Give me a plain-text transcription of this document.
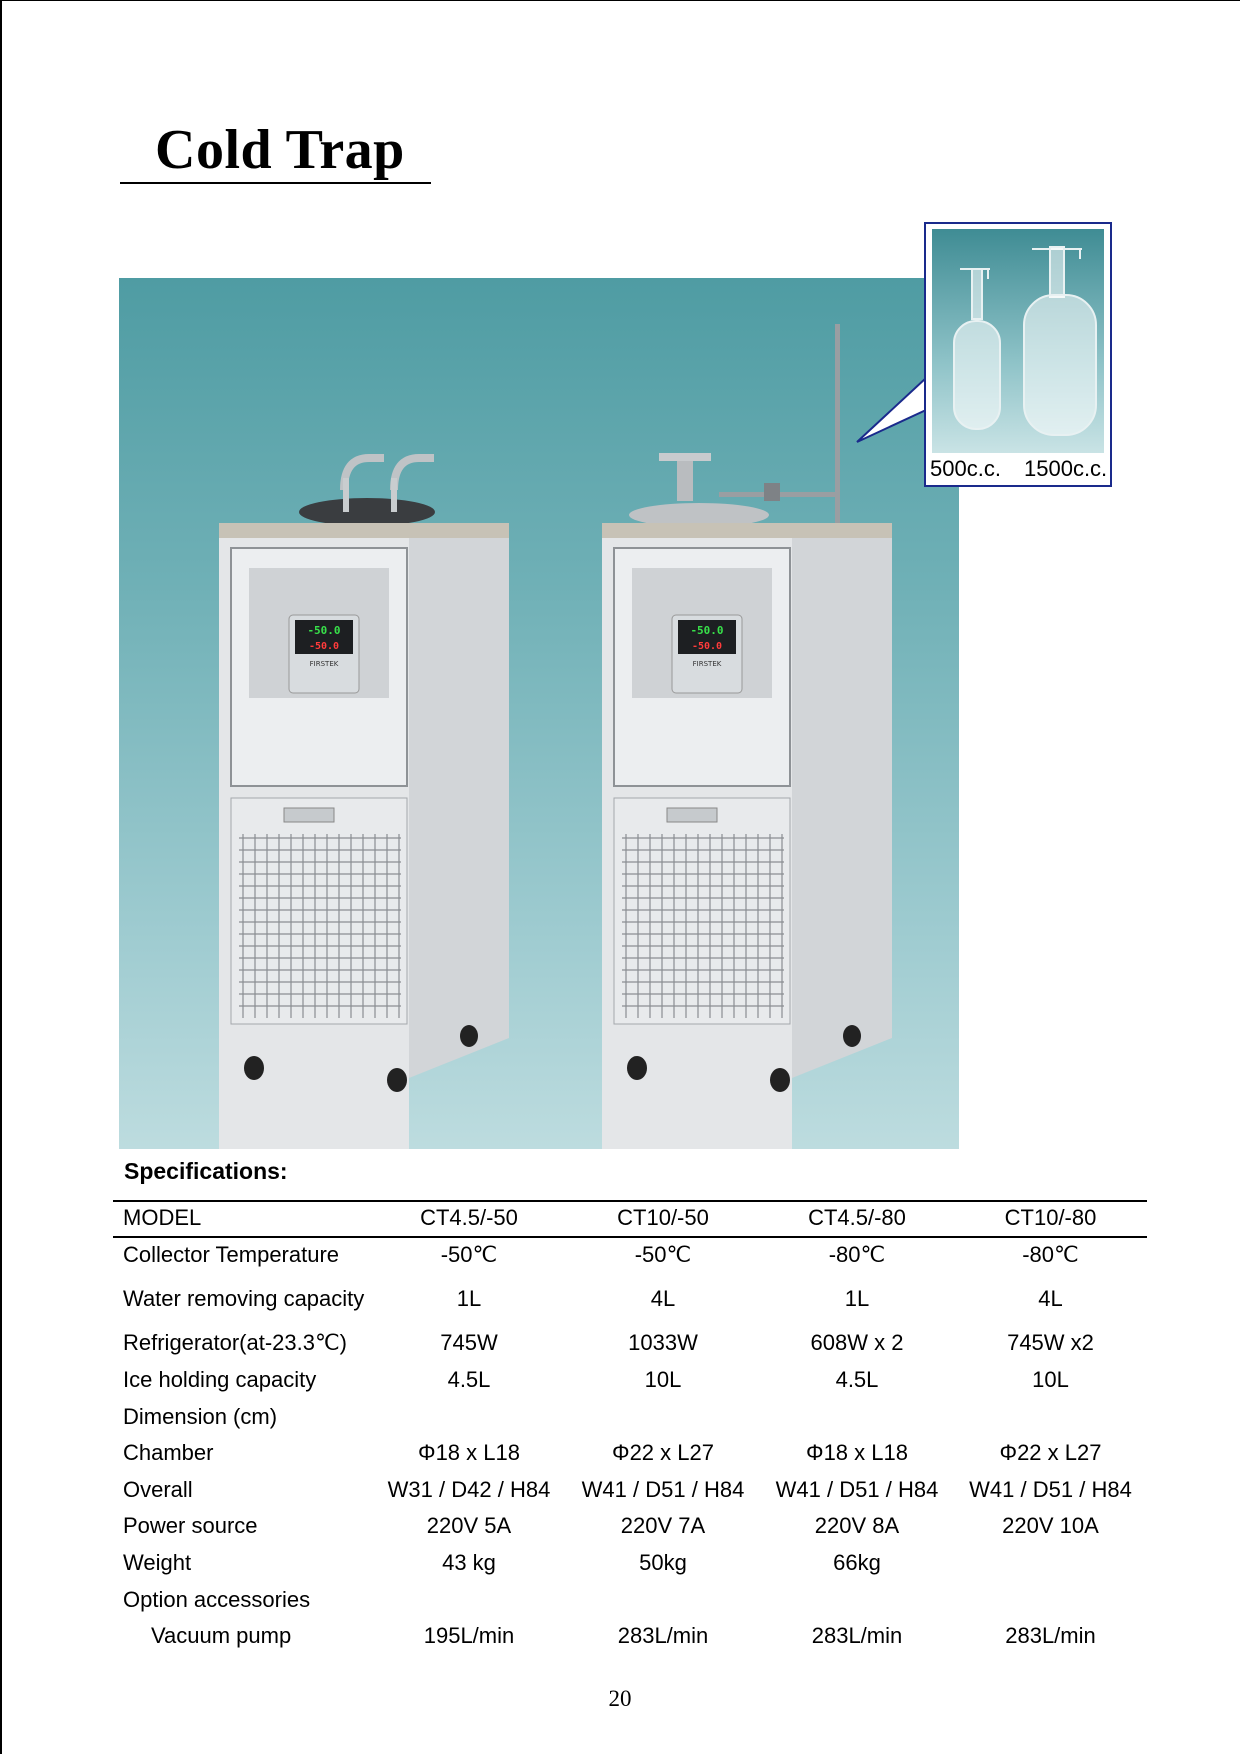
Cold Trap
-50.0
-50.0
FIRSTEK
-50.0
-50.0
FIRSTEK
500c.c. 1500c.c.
Specifications:
MODEL	CT4.5/-50	CT10/-50	CT4.5/-80	CT10/-80
Collector Temperature	-50℃	-50℃	-80℃	-80℃
Water removing capacity	1L	4L	1L	4L
Refrigerator(at-23.3℃)	745W	1033W	608W x 2	745W x2
Ice holding capacity	4.5L	10L	4.5L	10L
Dimension (cm)				
Chamber	Φ18 x L18	Φ22 x L27	Φ18 x L18	Φ22 x L27
Overall	W31 / D42 / H84	W41 / D51 / H84	W41 / D51 / H84	W41 / D51 / H84
Power source	220V 5A	220V 7A	220V 8A	220V 10A
Weight	43 kg	50kg	66kg	
Option accessories				
Vacuum pump	195L/min	283L/min	283L/min	283L/min
20
